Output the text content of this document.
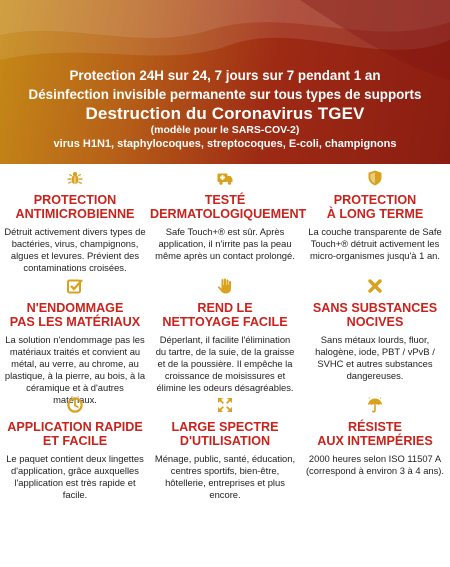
Protection 24H sur 24, 7 jours sur 7 pendant 1 an
Désinfection invisible permanente sur tous types de supports
Destruction du Coronavirus TGEV
(modèle pour le SARS-COV-2)
virus H1N1, staphylocoques, streptocoques, E-coli, champignons
PROTECTION
ANTIMICROBIENNE
Détruit activement divers types de bactéries, virus, champignons, algues et levures. Prévient des contaminations croisées.
TESTÉ
DERMATOLOGIQUEMENT
Safe Touch+® est sûr. Après application, il n'irrite pas la peau même après un contact prolongé.
PROTECTION
À LONG TERME
La couche transparente de Safe Touch+® détruit activement les micro-organismes jusqu'à 1 an.
N'ENDOMMAGE
PAS LES MATÉRIAUX
La solution n'endommage pas les matériaux traités et convient au métal, au verre, au chrome, au plastique, à la pierre, au bois, à la céramique et à d'autres matériaux.
REND LE
NETTOYAGE FACILE
Déperlant, il facilite l'élimination du tartre, de la suie, de la graisse et de la poussière. Il empêche la croissance de moisissures et élimine les odeurs désagréables.
SANS SUBSTANCES
NOCIVES
Sans métaux lourds, fluor, halogène, iode, PBT / vPvB / SVHC et autres substances dangereuses.
APPLICATION RAPIDE
ET FACILE
Le paquet contient deux lingettes d'application, grâce auxquelles l'application est très rapide et facile.
LARGE SPECTRE
D'UTILISATION
Ménage, public, santé, éducation, centres sportifs, bien-être, hôtellerie, entreprises et plus encore.
RÉSISTE
AUX INTEMPÉRIES
2000 heures selon ISO 11507 A (correspond à environ 3 à 4 ans).
